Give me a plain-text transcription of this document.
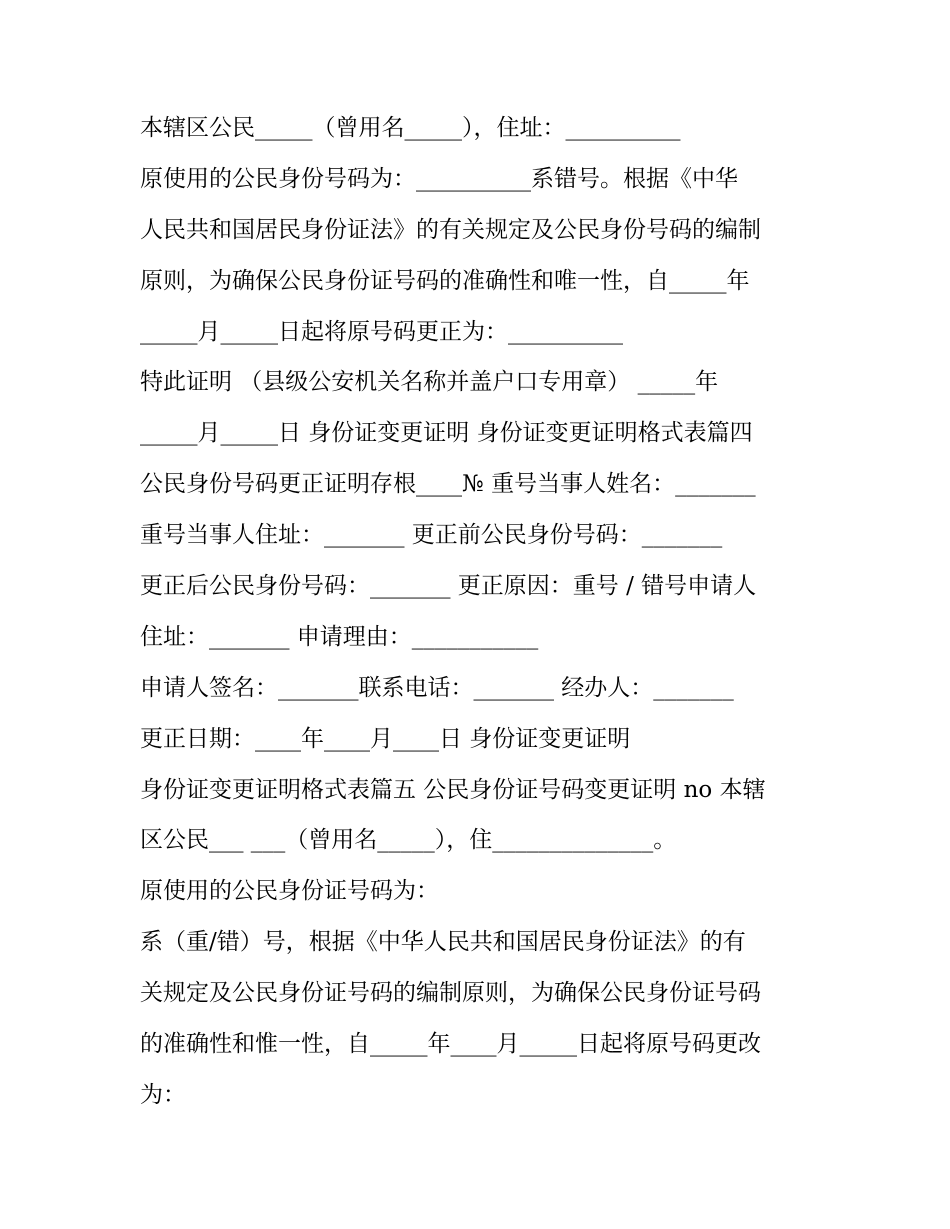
本辖区公民_____（曾用名_____），住址：__________
原使用的公民身份号码为：__________系错号。根据《中华
人民共和国居民身份证法》的有关规定及公民身份号码的编制
原则，为确保公民身份证号码的准确性和唯一性，自_____年
_____月_____日起将原号码更正为：__________
特此证明 （县级公安机关名称并盖户口专用章） _____年
_____月_____日 身份证变更证明 身份证变更证明格式表篇四
公民身份号码更正证明存根____№ 重号当事人姓名：_______
重号当事人住址：_______ 更正前公民身份号码：_______
更正后公民身份号码：_______ 更正原因：重号 / 错号申请人
住址：_______ 申请理由：___________
申请人签名：_______联系电话：_______ 经办人：_______
更正日期：____年____月____日 身份证变更证明
身份证变更证明格式表篇五 公民身份证号码变更证明 no 本辖
区公民___ ___（曾用名_____），住______________。
原使用的公民身份证号码为：
系（重/错）号，根据《中华人民共和国居民身份证法》的有
关规定及公民身份证号码的编制原则，为确保公民身份证号码
的准确性和惟一性，自_____年____月_____日起将原号码更改
为：
